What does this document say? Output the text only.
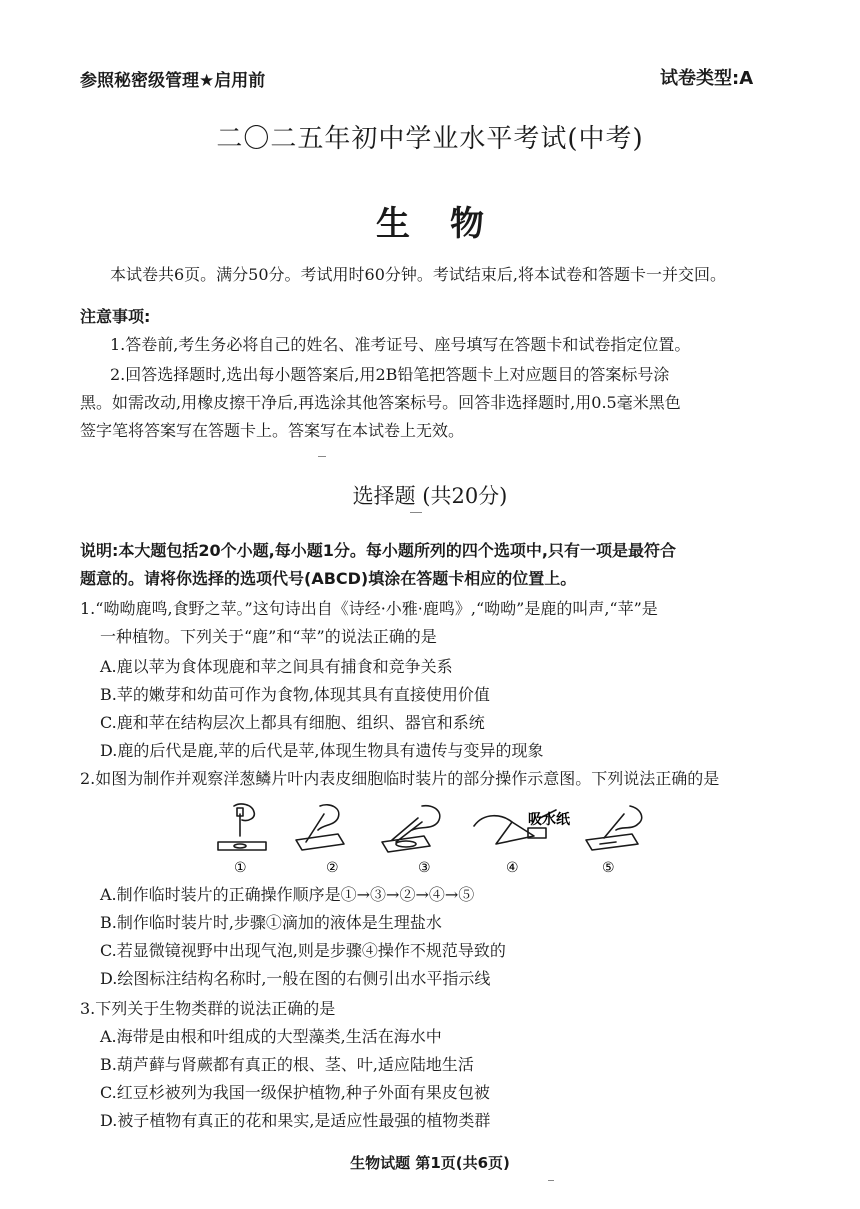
参照秘密级管理★启用前	试卷类型:A
二〇二五年初中学业水平考试(中考)
生物
本试卷共6页。满分50分。考试用时60分钟。考试结束后,将本试卷和答题卡一并交回。
注意事项:
1.答卷前,考生务必将自己的姓名、准考证号、座号填写在答题卡和试卷指定位置。
2.回答选择题时,选出每小题答案后,用2B铅笔把答题卡上对应题目的答案标号涂
黑。如需改动,用橡皮擦干净后,再选涂其他答案标号。回答非选择题时,用0.5毫米黑色
签字笔将答案写在答题卡上。答案写在本试卷上无效。
选择题 (共20分)
说明:本大题包括20个小题,每小题1分。每小题所列的四个选项中,只有一项是最符合
题意的。请将你选择的选项代号(ABCD)填涂在答题卡相应的位置上。
1.“呦呦鹿鸣,食野之苹。”这句诗出自《诗经·小雅·鹿鸣》,“呦呦”是鹿的叫声,“苹”是
一种植物。下列关于“鹿”和“苹”的说法正确的是
A.鹿以苹为食体现鹿和苹之间具有捕食和竞争关系
B.苹的嫩芽和幼苗可作为食物,体现其具有直接使用价值
C.鹿和苹在结构层次上都具有细胞、组织、器官和系统
D.鹿的后代是鹿,苹的后代是苹,体现生物具有遗传与变异的现象
2.如图为制作并观察洋葱鳞片叶内表皮细胞临时装片的部分操作示意图。下列说法正确的是
吸水纸
①	②	③	④	⑤
A.制作临时装片的正确操作顺序是①→③→②→④→⑤
B.制作临时装片时,步骤①滴加的液体是生理盐水
C.若显微镜视野中出现气泡,则是步骤④操作不规范导致的
D.绘图标注结构名称时,一般在图的右侧引出水平指示线
3.下列关于生物类群的说法正确的是
A.海带是由根和叶组成的大型藻类,生活在海水中
B.葫芦藓与肾蕨都有真正的根、茎、叶,适应陆地生活
C.红豆杉被列为我国一级保护植物,种子外面有果皮包被
D.被子植物有真正的花和果实,是适应性最强的植物类群
生物试题 第1页(共6页)
